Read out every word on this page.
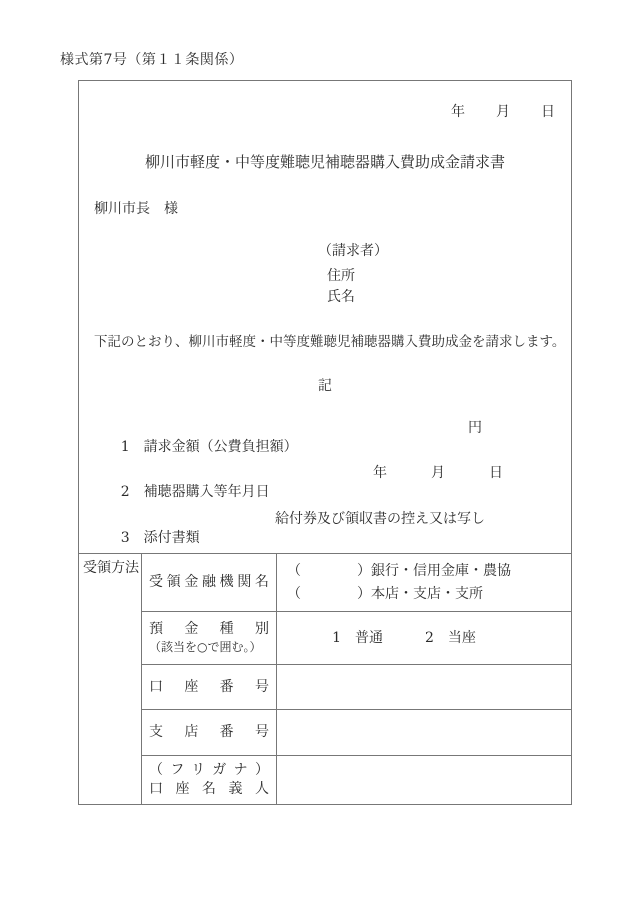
様式第7号（第１１条関係）
年　　月　　日
柳川市軽度・中等度難聴児補聴器購入費助成金請求書
柳川市長　様
（請求者）
住所
氏名
下記のとおり、柳川市軽度・中等度難聴児補聴器購入費助成金を請求します。
記

1 請求金額（公費負担額）

円

2 補聴器購入等年月日

年　　　月　　　日

3 添付書類

給付券及び領収書の控え又は写し
受領方法
受領金融機関名
（　　　　）銀行・信用金庫・農協
（　　　　）本店・支店・支所
預金種別
（該当を○で囲む。）
1　普通　　　2　当座
口座番号
支店番号
（フリガナ）
口座名義人
